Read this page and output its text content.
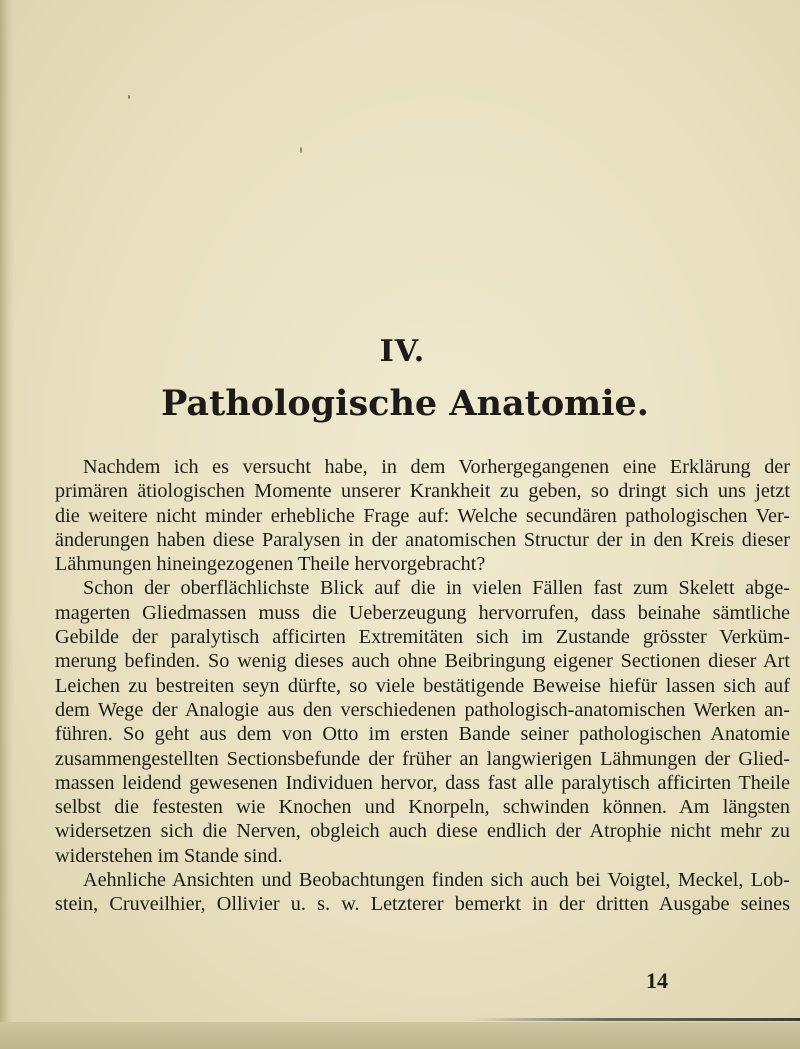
IV.
Pathologische Anatomie.
Nachdem ich es versucht habe, in dem Vorhergegangenen eine Erklärung der
primären ätiologischen Momente unserer Krankheit zu geben, so dringt sich uns jetzt
die weitere nicht minder erhebliche Frage auf: Welche secundären pathologischen Ver-
änderungen haben diese Paralysen in der anatomischen Structur der in den Kreis dieser
Lähmungen hineingezogenen Theile hervorgebracht?
Schon der oberflächlichste Blick auf die in vielen Fällen fast zum Skelett abge-
magerten Gliedmassen muss die Ueberzeugung hervorrufen, dass beinahe sämtliche
Gebilde der paralytisch afficirten Extremitäten sich im Zustande grösster Verküm-
merung befinden. So wenig dieses auch ohne Beibringung eigener Sectionen dieser Art
Leichen zu bestreiten seyn dürfte, so viele bestätigende Beweise hiefür lassen sich auf
dem Wege der Analogie aus den verschiedenen pathologisch-anatomischen Werken an-
führen. So geht aus dem von Otto im ersten Bande seiner pathologischen Anatomie
zusammengestellten Sectionsbefunde der früher an langwierigen Lähmungen der Glied-
massen leidend gewesenen Individuen hervor, dass fast alle paralytisch afficirten Theile
selbst die festesten wie Knochen und Knorpeln, schwinden können. Am längsten
widersetzen sich die Nerven, obgleich auch diese endlich der Atrophie nicht mehr zu
widerstehen im Stande sind.
Aehnliche Ansichten und Beobachtungen finden sich auch bei Voigtel, Meckel, Lob-
stein, Cruveilhier, Ollivier u. s. w. Letzterer bemerkt in der dritten Ausgabe seines
14
